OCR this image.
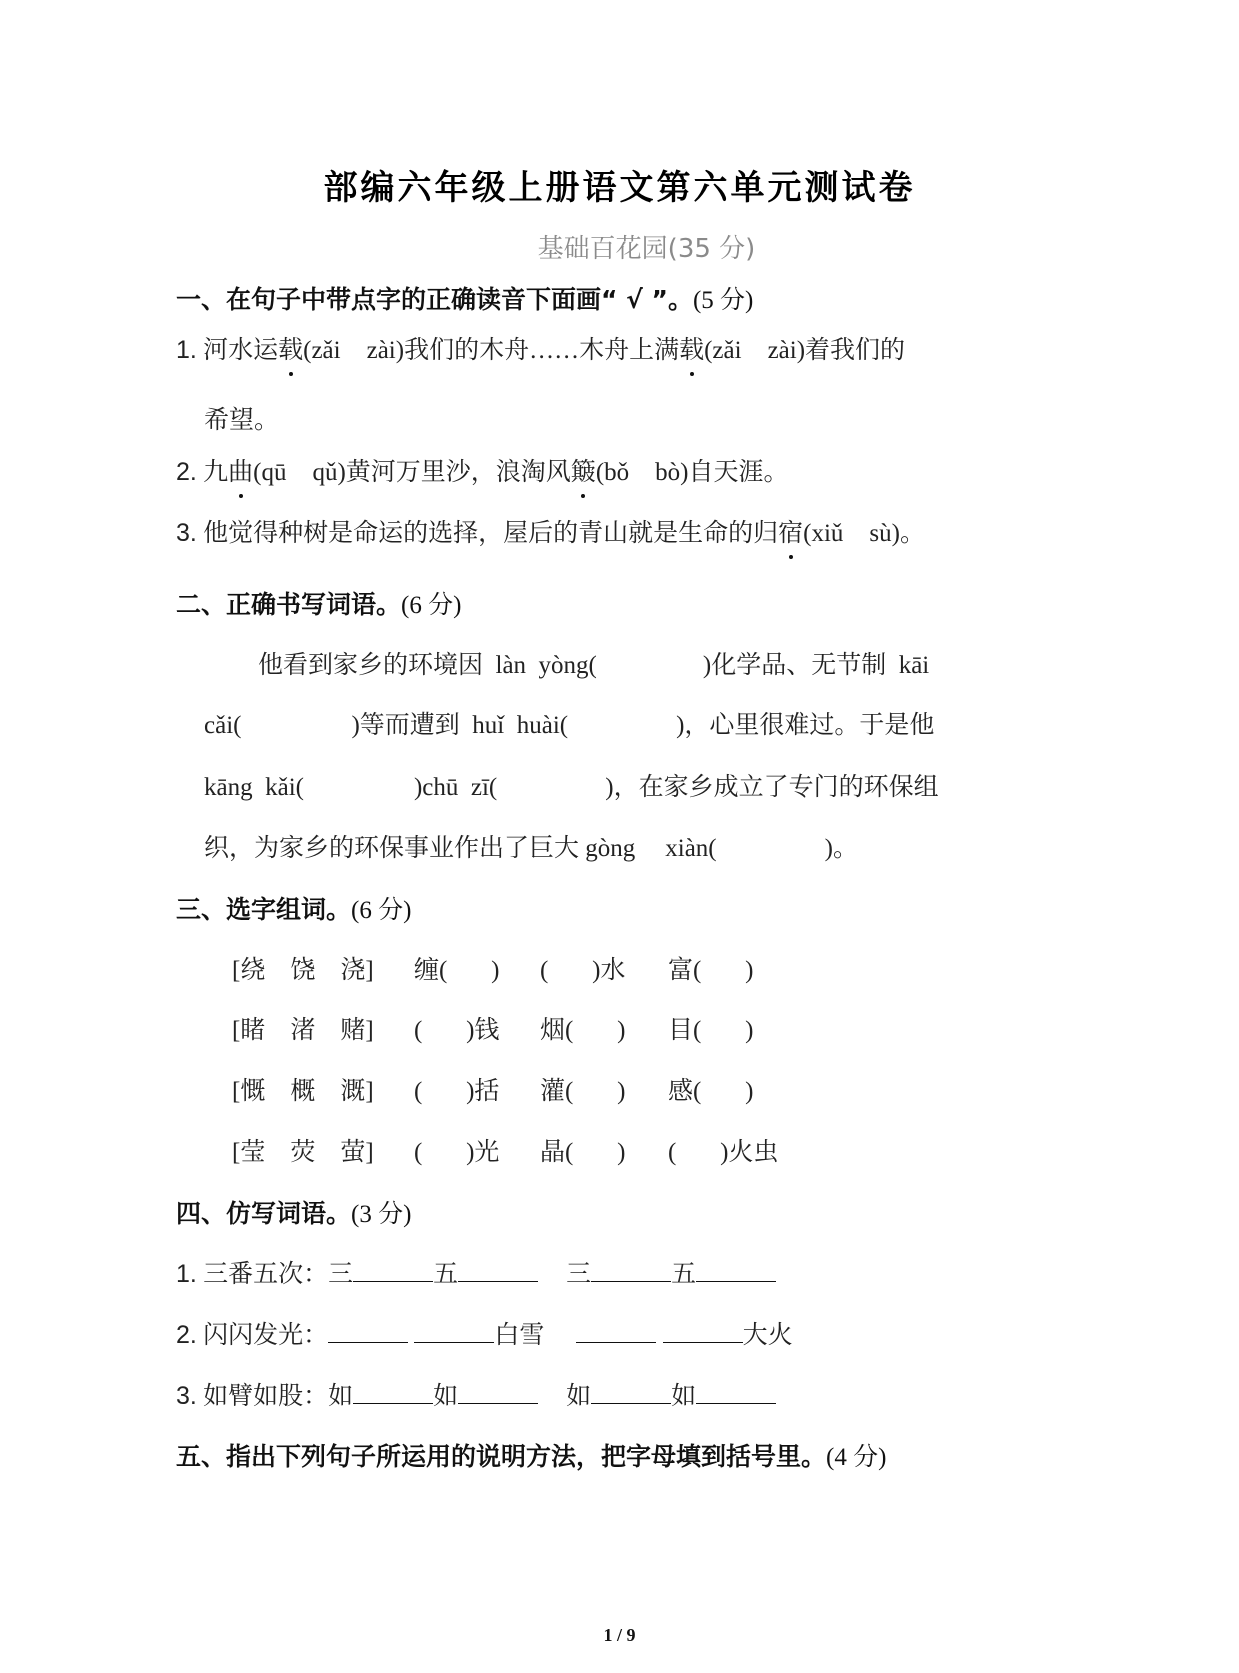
部编六年级上册语文第六单元测试卷
基础百花园(35 分)
一、在句子中带点字的正确读音下面画“ √ ”。(5 分)
1. 河水运载(zǎi zài)我们的木舟……木舟上满载(zǎi zài)着我们的
希望。
2. 九曲(qū qǔ)黄河万里沙，浪淘风簸(bǒ bò)自天涯。
3. 他觉得种树是命运的选择，屋后的青山就是生命的归宿(xiǔ sù)。
二、正确书写词语。(6 分)
他看到家乡的环境因  làn  yòng(	)化学品、无节制  kāi
cǎi(	)等而遭到  huǐ  huài(	)，心里很难过。于是他
kāng  kǎi(	)chū  zī(	)，在家乡成立了专门的环保组
织，为家乡的环保事业作出了巨大 gòng xiàn(	)。
三、选字组词。(6 分)
[绕    饶    浇] 缠(       ) (       )水 富(       )
[睹    渚    赌] (       )钱 烟(       ) 目(       )
[慨    概    溉] (       )括 灌(       ) 感(       )
[莹    荧    萤] (       )光 晶(       ) (       )火虫
四、仿写词语。(3 分)
1. 三番五次：三	五	三	五
2. 闪闪发光：	白雪	大火
3. 如臂如股：如	如	如	如
五、指出下列句子所运用的说明方法，把字母填到括号里。(4 分)
1 / 9
